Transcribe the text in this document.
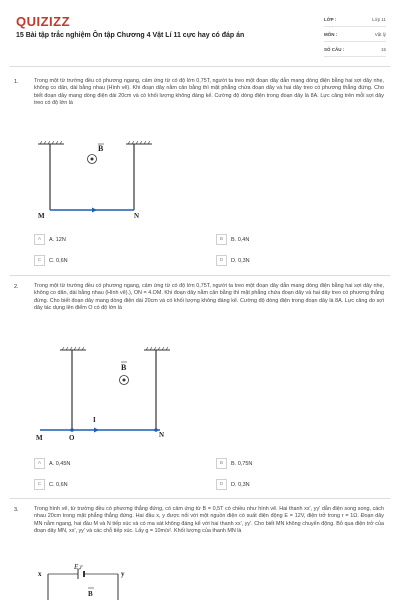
QUIZIZZ
15 Bài tập trắc nghiệm Ôn tập Chương 4 Vật Lí 11 cực hay có đáp án
LỚP :	Lớp 11
MÔN :	Vật lý
SỐ CÂU :	15
1.	Trong một từ trường đều có phương ngang, cảm ứng từ có độ lớn 0,75T, người ta treo một đoạn dây dẫn mang dòng điện bằng hai sợi dây nhẹ, không co dãn, dài bằng nhau (Hình vẽ). Khi đoạn dây nằm cân bằng thì mặt phẳng chứa đoạn dây và hai dây treo có phương thẳng đứng. Cho biết đoạn dây mang dòng điện dài 20cm và có khối lượng không đáng kể. Cường độ dòng điện trong đoạn dây là 8A. Lực căng trên mỗi sợi dây treo có độ lớn là
B
M	N
A	A. 12N	B	B. 0,4N
C	C. 0,6N	D	D. 0,3N
2.	Trong một từ trường đều có phương ngang, cảm ứng từ có độ lớn 0,75T, người ta treo một đoạn dây dẫn mang dòng điện bằng hai sợi dây nhẹ, không co dãn, dài bằng nhau (Hình vẽ).), ON = 4.OM. Khi đoạn dây nằm cân bằng thì mặt phẳng chứa đoạn dây và hai dây treo có phương thẳng đứng. Cho biết đoạn dây mang dòng điện dài 20cm và có khối lượng không đáng kể. Cường độ dòng điện trong đoạn dây là 8A. Lực căng do sợi dây tác dụng lên điểm O có độ lớn là
B
I
M	O	N
A	A. 0,45N	B	B. 0,75N
C	C. 0,6N	D	D. 0,3N
3.	Trong hình vẽ, từ trường đều có phương thẳng đứng, có cảm ứng từ B = 0,5T có chiều như hình vẽ. Hai thanh xx', yy' dẫn điện song song, cách nhau 20cm trong mặt phẳng thẳng đứng. Hai đầu x, y được nối với một nguồn điện có suất điện động E = 12V, điện trở trong r = 1Ω. Đoạn dây MN nằm ngang, hai đầu M và N tiếp xúc và có ma sát không đáng kể với hai thanh xx', yy'. Cho biết MN không chuyển động. Bỏ qua điện trở của đoạn dây MN, xx', yy' và các chỗ tiếp xúc. Lấy g = 10m/s². Khối lượng của thanh MN là
E,r
x	y
B
